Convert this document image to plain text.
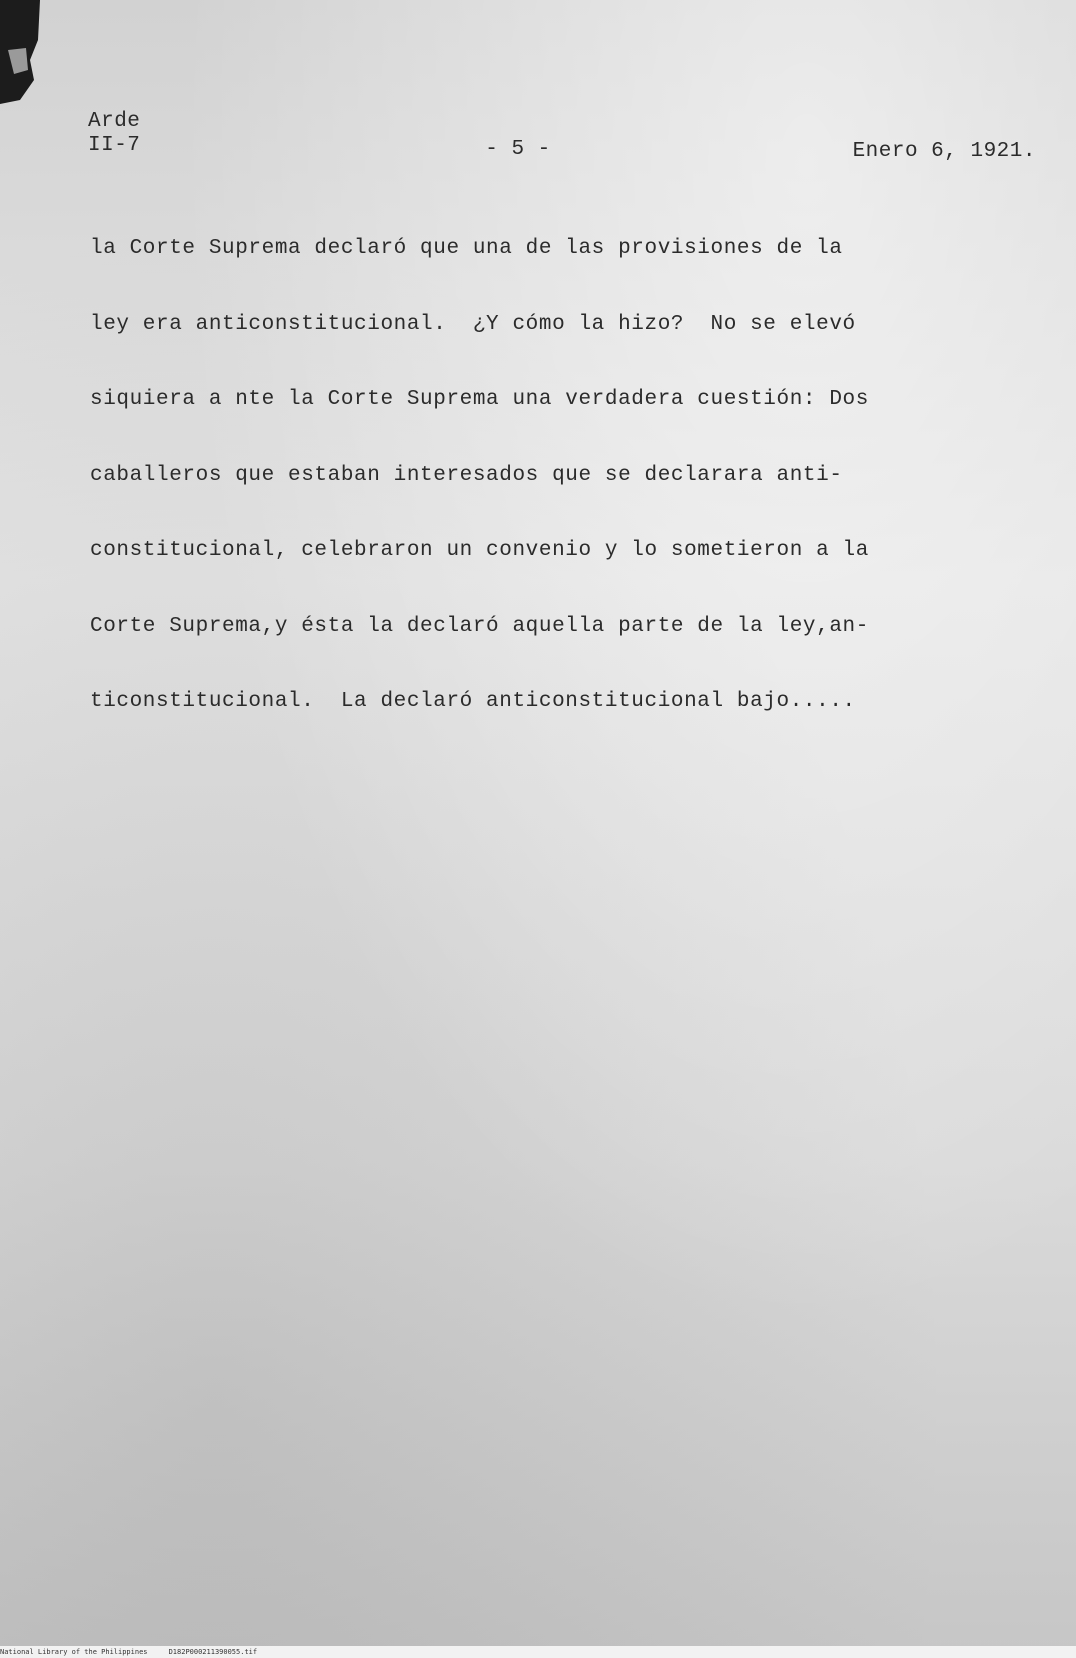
Arde
II-7	- 5 -	Enero 6, 1921.
la Corte Suprema declaró que una de las provisiones de la
ley era anticonstitucional.  ¿Y cómo la hizo?  No se elevó
siquiera a nte la Corte Suprema una verdadera cuestión: Dos
caballeros que estaban interesados que se declarara anti-
constitucional, celebraron un convenio y lo sometieron a la
Corte Suprema,y ésta la declaró aquella parte de la ley,an-
ticonstitucional.  La declaró anticonstitucional bajo.....
National Library of the Philippines	D182P000211390055.tif
